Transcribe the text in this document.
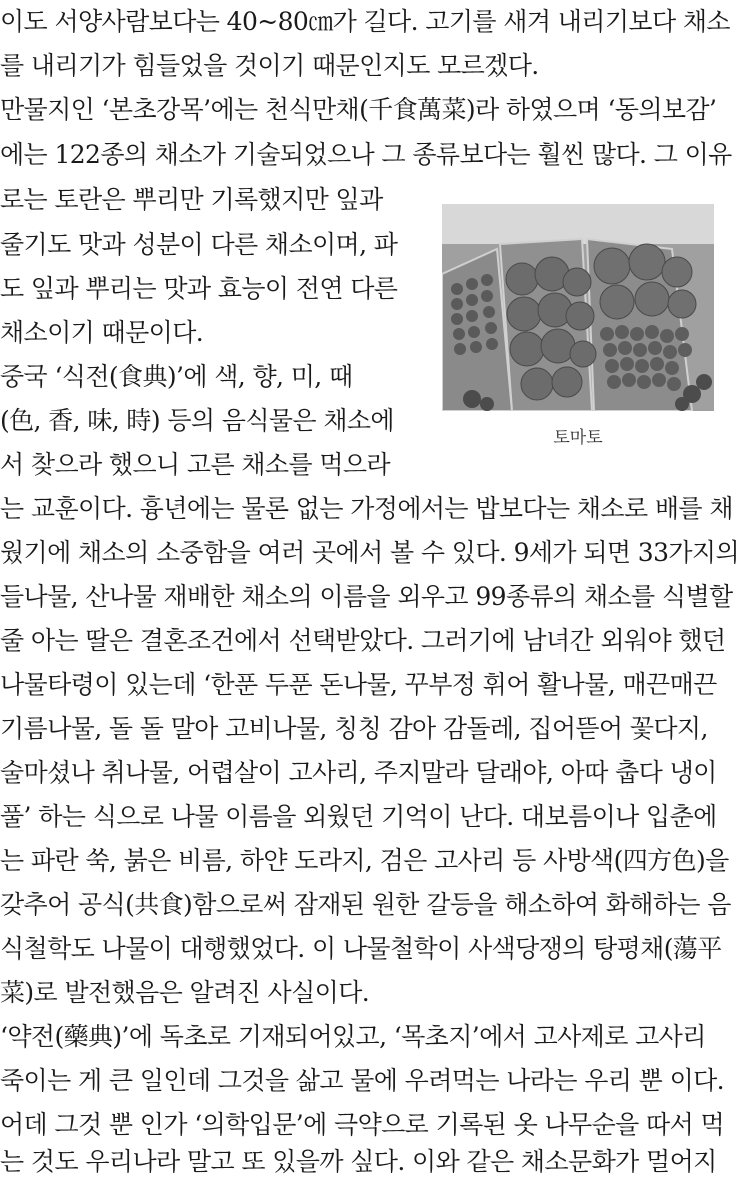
이도 서양사람보다는 40~80㎝가 길다. 고기를 새겨 내리기보다 채소
를 내리기가 힘들었을 것이기 때문인지도 모르겠다.
만물지인 ‘본초강목’에는 천식만채(千食萬菜)라 하였으며 ‘동의보감’
에는 122종의 채소가 기술되었으나 그 종류보다는 훨씬 많다. 그 이유
로는 토란은 뿌리만 기록했지만 잎과
줄기도 맛과 성분이 다른 채소이며, 파
도 잎과 뿌리는 맛과 효능이 전연 다른
채소이기 때문이다.
중국 ‘식전(食典)’에 색, 향, 미, 때
(色, 香, 味, 時) 등의 음식물은 채소에
서 찾으라 했으니 고른 채소를 먹으라
는 교훈이다. 흉년에는 물론 없는 가정에서는 밥보다는 채소로 배를 채
웠기에 채소의 소중함을 여러 곳에서 볼 수 있다. 9세가 되면 33가지의
들나물, 산나물 재배한 채소의 이름을 외우고 99종류의 채소를 식별할
줄 아는 딸은 결혼조건에서 선택받았다. 그러기에 남녀간 외워야 했던
나물타령이 있는데 ‘한푼 두푼 돈나물, 꾸부정 휘어 활나물, 매끈매끈
기름나물, 돌 돌 말아 고비나물, 칭칭 감아 감돌레, 집어뜯어 꽃다지,
술마셨나 취나물, 어렵살이 고사리, 주지말라 달래야, 아따 춥다 냉이
풀’ 하는 식으로 나물 이름을 외웠던 기억이 난다. 대보름이나 입춘에
는 파란 쑥, 붉은 비름, 하얀 도라지, 검은 고사리 등 사방색(四方色)을
갖추어 공식(共食)함으로써 잠재된 원한 갈등을 해소하여 화해하는 음
식철학도 나물이 대행했었다. 이 나물철학이 사색당쟁의 탕평채(蕩平
菜)로 발전했음은 알려진 사실이다.
‘약전(藥典)’에 독초로 기재되어있고, ‘목초지’에서 고사제로 고사리
죽이는 게 큰 일인데 그것을 삶고 물에 우려먹는 나라는 우리 뿐 이다.
어데 그것 뿐 인가 ‘의학입문’에 극약으로 기록된 옷 나무순을 따서 먹
는 것도 우리나라 말고 또 있을까 싶다. 이와 같은 채소문화가 멀어지
토마토
